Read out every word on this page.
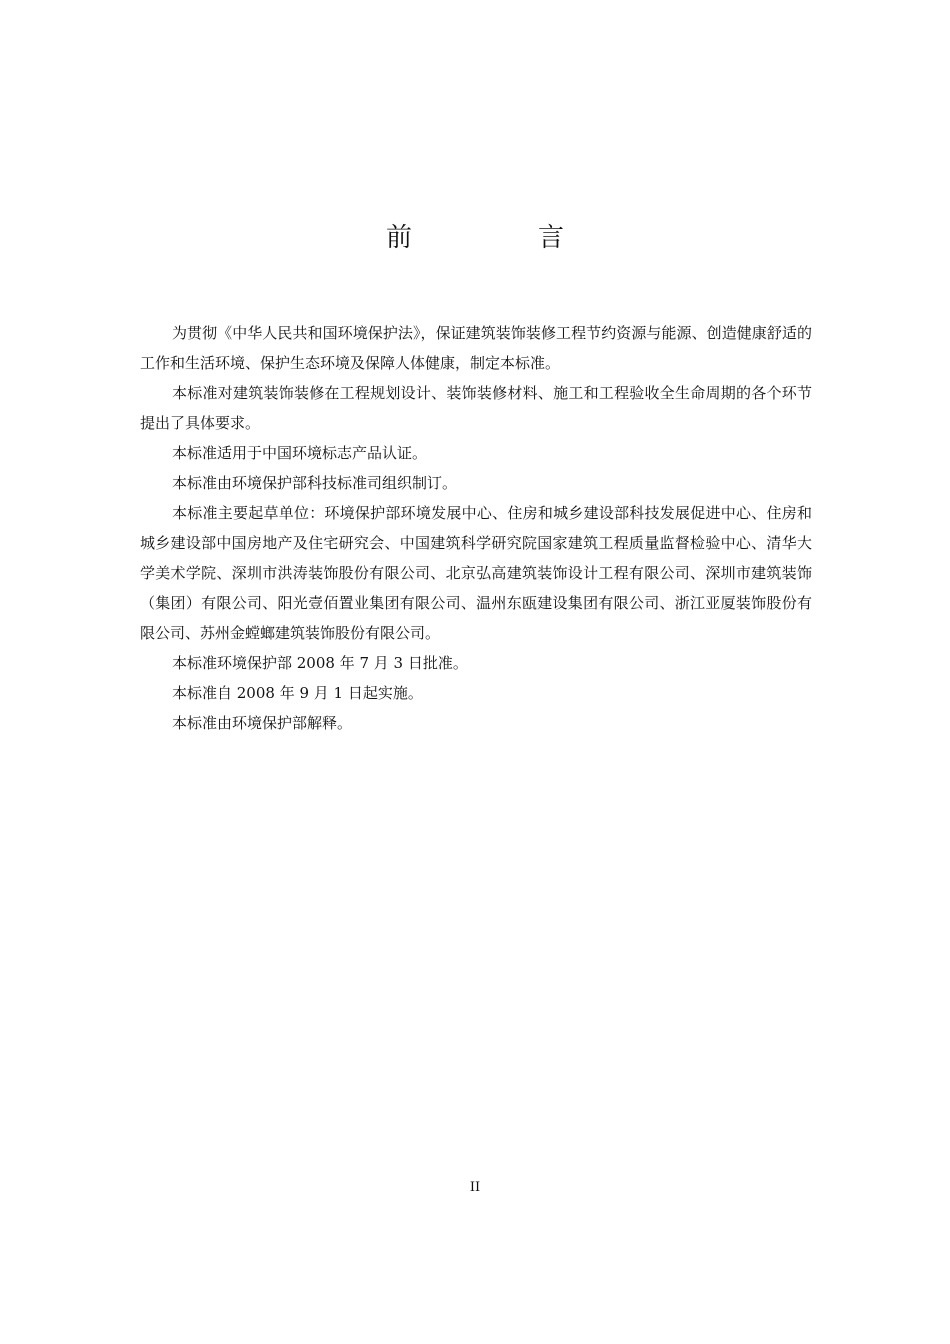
前　言

为贯彻《中华人民共和国环境保护法》，保证建筑装饰装修工程节约资源与能源、创造健康舒适的工作和生活环境、保护生态环境及保障人体健康，制定本标准。

本标准对建筑装饰装修在工程规划设计、装饰装修材料、施工和工程验收全生命周期的各个环节提出了具体要求。

本标准适用于中国环境标志产品认证。

本标准由环境保护部科技标准司组织制订。

本标准主要起草单位：环境保护部环境发展中心、住房和城乡建设部科技发展促进中心、住房和城乡建设部中国房地产及住宅研究会、中国建筑科学研究院国家建筑工程质量监督检验中心、清华大学美术学院、深圳市洪涛装饰股份有限公司、北京弘高建筑装饰设计工程有限公司、深圳市建筑装饰（集团）有限公司、阳光壹佰置业集团有限公司、温州东瓯建设集团有限公司、浙江亚厦装饰股份有限公司、苏州金螳螂建筑装饰股份有限公司。

本标准环境保护部 2008 年 7 月 3 日批准。

本标准自 2008 年 9 月 1 日起实施。

本标准由环境保护部解释。

II
